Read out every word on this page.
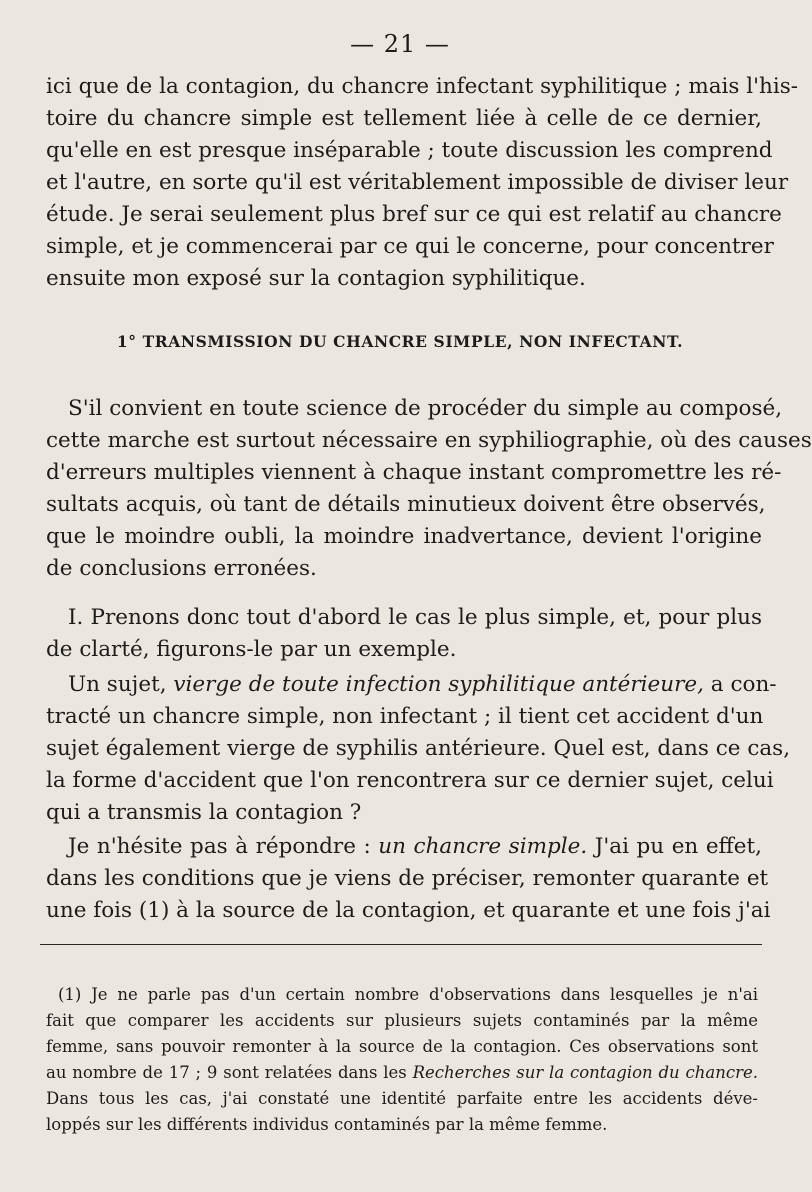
— 21 —
ici que de la contagion, du chancre infectant syphilitique ; mais l'his-
toire du chancre simple est tellement liée à celle de ce dernier,
qu'elle en est presque inséparable ; toute discussion les comprend
et l'autre, en sorte qu'il est véritablement impossible de diviser leur
étude. Je serai seulement plus bref sur ce qui est relatif au chancre
simple, et je commencerai par ce qui le concerne, pour concentrer
ensuite mon exposé sur la contagion syphilitique.
1° TRANSMISSION DU CHANCRE SIMPLE, NON INFECTANT.
S'il convient en toute science de procéder du simple au composé,
cette marche est surtout nécessaire en syphiliographie, où des causes
d'erreurs multiples viennent à chaque instant compromettre les ré-
sultats acquis, où tant de détails minutieux doivent être observés,
que le moindre oubli, la moindre inadvertance, devient l'origine
de conclusions erronées.
I. Prenons donc tout d'abord le cas le plus simple, et, pour plus
de clarté, figurons-le par un exemple.
Un sujet, vierge de toute infection syphilitique antérieure, a con-
tracté un chancre simple, non infectant ; il tient cet accident d'un
sujet également vierge de syphilis antérieure. Quel est, dans ce cas,
la forme d'accident que l'on rencontrera sur ce dernier sujet, celui
qui a transmis la contagion ?
Je n'hésite pas à répondre : un chancre simple. J'ai pu en effet,
dans les conditions que je viens de préciser, remonter quarante et
une fois (1) à la source de la contagion, et quarante et une fois j'ai
(1) Je ne parle pas d'un certain nombre d'observations dans lesquelles je n'ai
fait que comparer les accidents sur plusieurs sujets contaminés par la même
femme, sans pouvoir remonter à la source de la contagion. Ces observations sont
au nombre de 17 ; 9 sont relatées dans les Recherches sur la contagion du chancre.
Dans tous les cas, j'ai constaté une identité parfaite entre les accidents déve-
loppés sur les différents individus contaminés par la même femme.
